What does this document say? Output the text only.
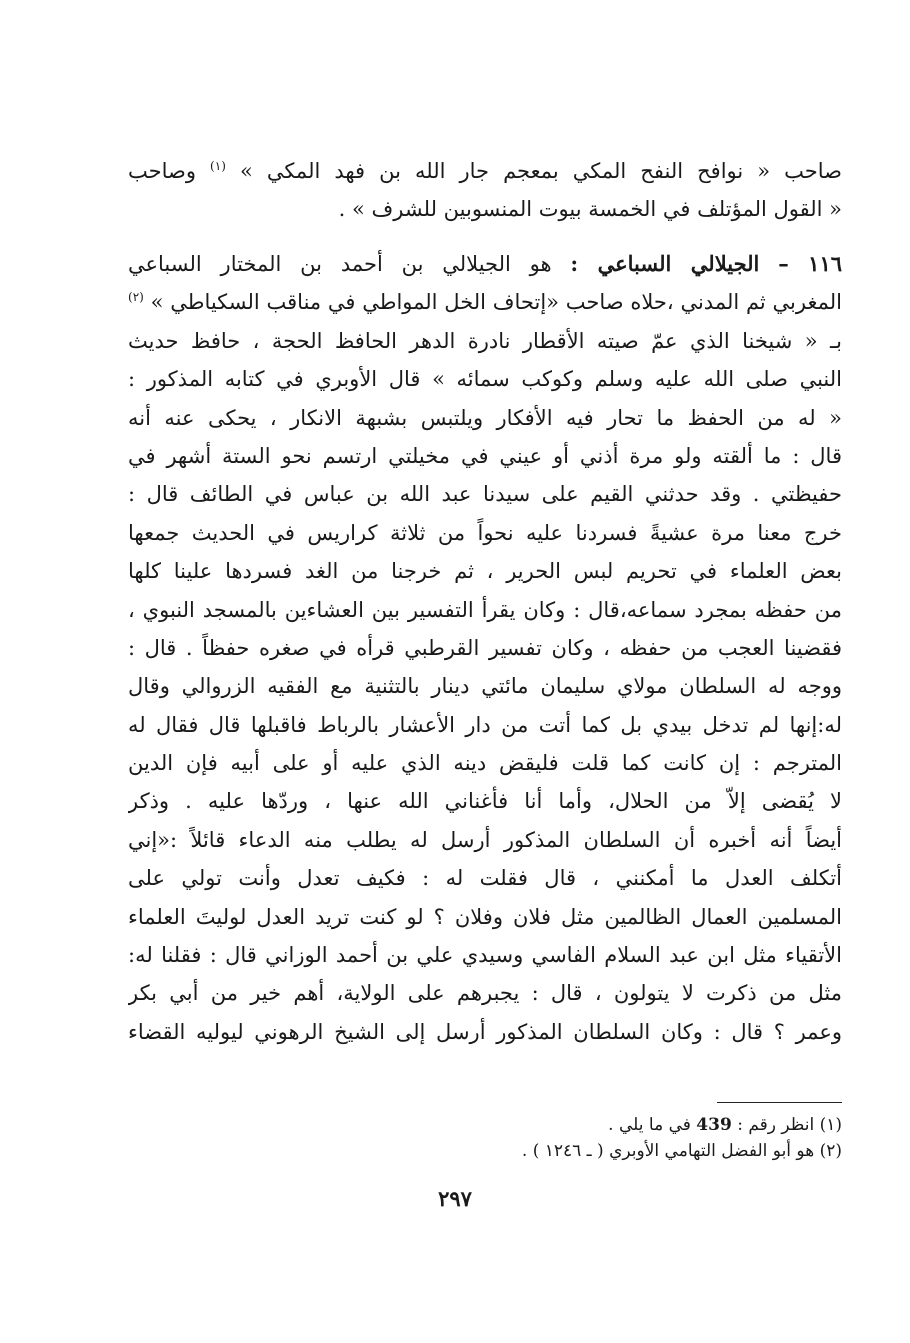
صاحب « نوافح النفح المكي بمعجم جار الله بن فهد المكي » $^{(١)}$ وصاحب
« القول المؤتلف في الخمسة بيوت المنسوبين للشرف » .
١١٦ – الجيلالي السباعي : هو الجيلالي بن أحمد بن المختار السباعي
المغربي ثم المدني ،حلاه صاحب «إتحاف الخل المواطي في مناقب السكياطي » $^{(٢)}$
بـ « شيخنا الذي عمّ صيته الأقطار نادرة الدهر الحافظ الحجة ، حافظ حديث
النبي صلى الله عليه وسلم وكوكب سمائه » قال الأوبري في كتابه المذكور :
« له من الحفظ ما تحار فيه الأفكار ويلتبس بشبهة الانكار ، يحكى عنه أنه
قال : ما ألقته ولو مرة أذني أو عيني في مخيلتي ارتسم نحو الستة أشهر في
حفيظتي . وقد حدثني القيم على سيدنا عبد الله بن عباس في الطائف قال :
خرج معنا مرة عشيةً فسردنا عليه نحواً من ثلاثة كراريس في الحديث جمعها
بعض العلماء في تحريم لبس الحرير ، ثم خرجنا من الغد فسردها علينا كلها
من حفظه بمجرد سماعه،قال : وكان يقرأ التفسير بين العشاءين بالمسجد النبوي ،
فقضينا العجب من حفظه ، وكان تفسير القرطبي قرأه في صغره حفظاً . قال :
ووجه له السلطان مولاي سليمان مائتي دينار بالتثنية مع الفقيه الزروالي وقال
له:إنها لم تدخل بيدي بل كما أتت من دار الأعشار بالرباط فاقبلها قال فقال له
المترجم : إن كانت كما قلت فليقض دينه الذي عليه أو على أبيه فإن الدين
لا يُقضى إلاّ من الحلال، وأما أنا فأغناني الله عنها ، وردّها عليه . وذكر
أيضاً أنه أخبره أن السلطان المذكور أرسل له يطلب منه الدعاء قائلاً :«إني
أتكلف العدل ما أمكنني ، قال فقلت له : فكيف تعدل وأنت تولي على
المسلمين العمال الظالمين مثل فلان وفلان ؟ لو كنت تريد العدل لوليتَ العلماء
الأتقياء مثل ابن عبد السلام الفاسي وسيدي علي بن أحمد الوزاني قال : فقلنا له:
مثل من ذكرت لا يتولون ، قال : يجبرهم على الولاية، أهم خير من أبي بكر
وعمر ؟ قال : وكان السلطان المذكور أرسل إلى الشيخ الرهوني ليوليه القضاء
(١) انظر رقم : 439 في ما يلي .
(٢) هو أبو الفضل التهامي الأوبري ( ـ ١٢٤٦ ) .
٢٩٧
